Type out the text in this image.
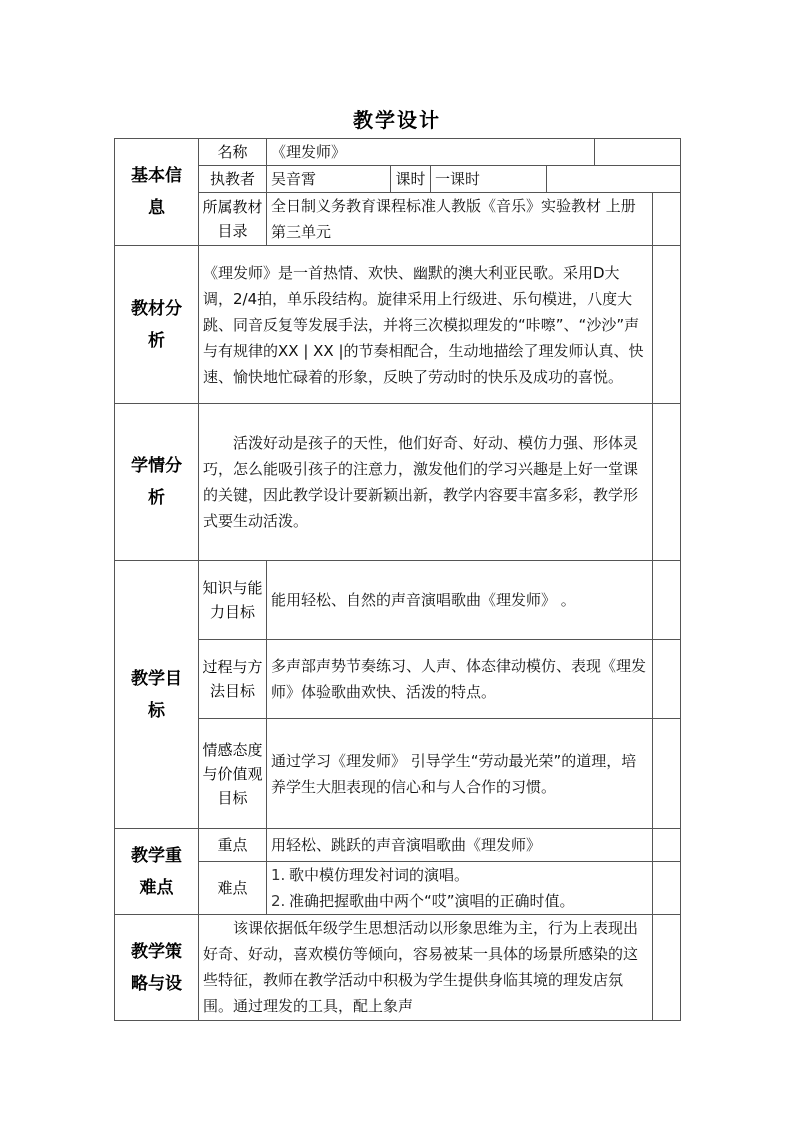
教学设计
基本信息	名称	《理发师》					
	执教者	吴音霄	课时	一课时			
	所属教材目录	全日制义务教育课程标准人教版《音乐》实验教材 上册第三单元					
教材分析	《理发师》是一首热情、欢快、幽默的澳大利亚民歌。采用D大调，2/4拍，单乐段结构。旋律采用上行级进、乐句模进，八度大跳、同音反复等发展手法，并将三次模拟理发的“咔嚓”、“沙沙”声与有规律的XX | XX |的节奏相配合，生动地描绘了理发师认真、快速、愉快地忙碌着的形象，反映了劳动时的快乐及成功的喜悦。						
学情分析	活泼好动是孩子的天性，他们好奇、好动、模仿力强、形体灵巧，怎么能吸引孩子的注意力，激发他们的学习兴趣是上好一堂课的关键，因此教学设计要新颖出新，教学内容要丰富多彩，教学形式要生动活泼。						
教学目标	知识与能力目标	能用轻松、自然的声音演唱歌曲《理发师》 。					
	过程与方法目标	多声部声势节奏练习、人声、体态律动模仿、表现《理发师》体验歌曲欢快、活泼的特点。					
	情感态度与价值观目标	通过学习《理发师》 引导学生“劳动最光荣”的道理，培养学生大胆表现的信心和与人合作的习惯。					
教学重难点	重点	用轻松、跳跃的声音演唱歌曲《理发师》					
	难点	1. 歌中模仿理发衬词的演唱。
2. 准确把握歌曲中两个“哎”演唱的正确时值。					

教学策略与设	该课依据低年级学生思想活动以形象思维为主，行为上表现出好奇、好动，喜欢模仿等倾向，容易被某一具体的场景所感染的这些特征，教师在教学活动中积极为学生提供身临其境的理发店氛围。通过理发的工具，配上象声						
